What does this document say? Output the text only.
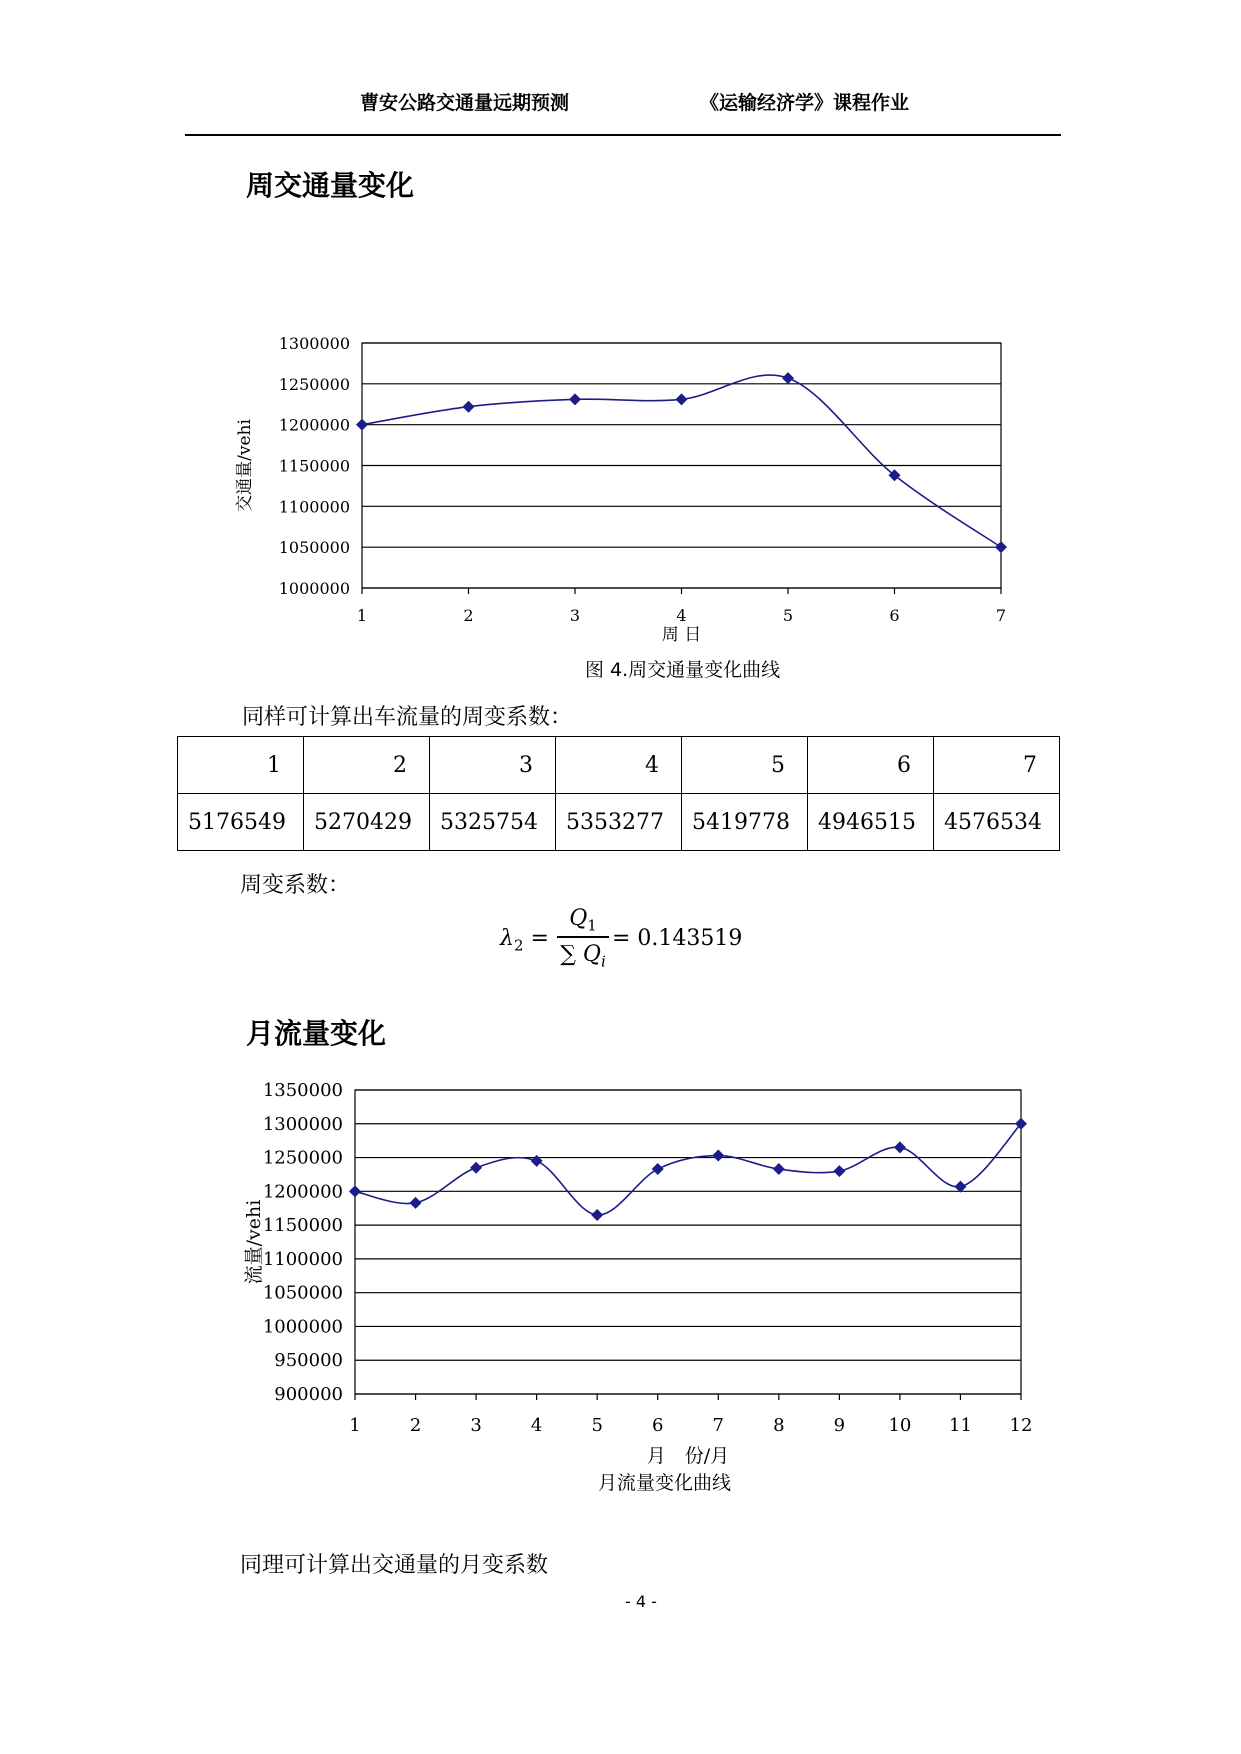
曹安公路交通量远期预测	《运输经济学》课程作业
周交通量变化
1300000
1250000
1200000
1150000
1100000
1050000
1000000
1	2	3	4	5	6	7
周 日
交通量/vehi
图 4.周交通量变化曲线
同样可计算出车流量的周变系数：
1	2	3	4	5	6	7
5176549	5270429	5325754	5353277	5419778	4946515	4576534
周变系数：
$\lambda_2$ =
$Q_1$
∑ $Q_i$
= 0.143519
月流量变化
1350000
1300000
1250000
1200000
1150000
1100000
1050000
1000000
950000
900000
1	2	3	4	5	6	7	8	9 10 11 12
月　份/月
流量/vehi
月流量变化曲线
同理可计算出交通量的月变系数
- 4 -
